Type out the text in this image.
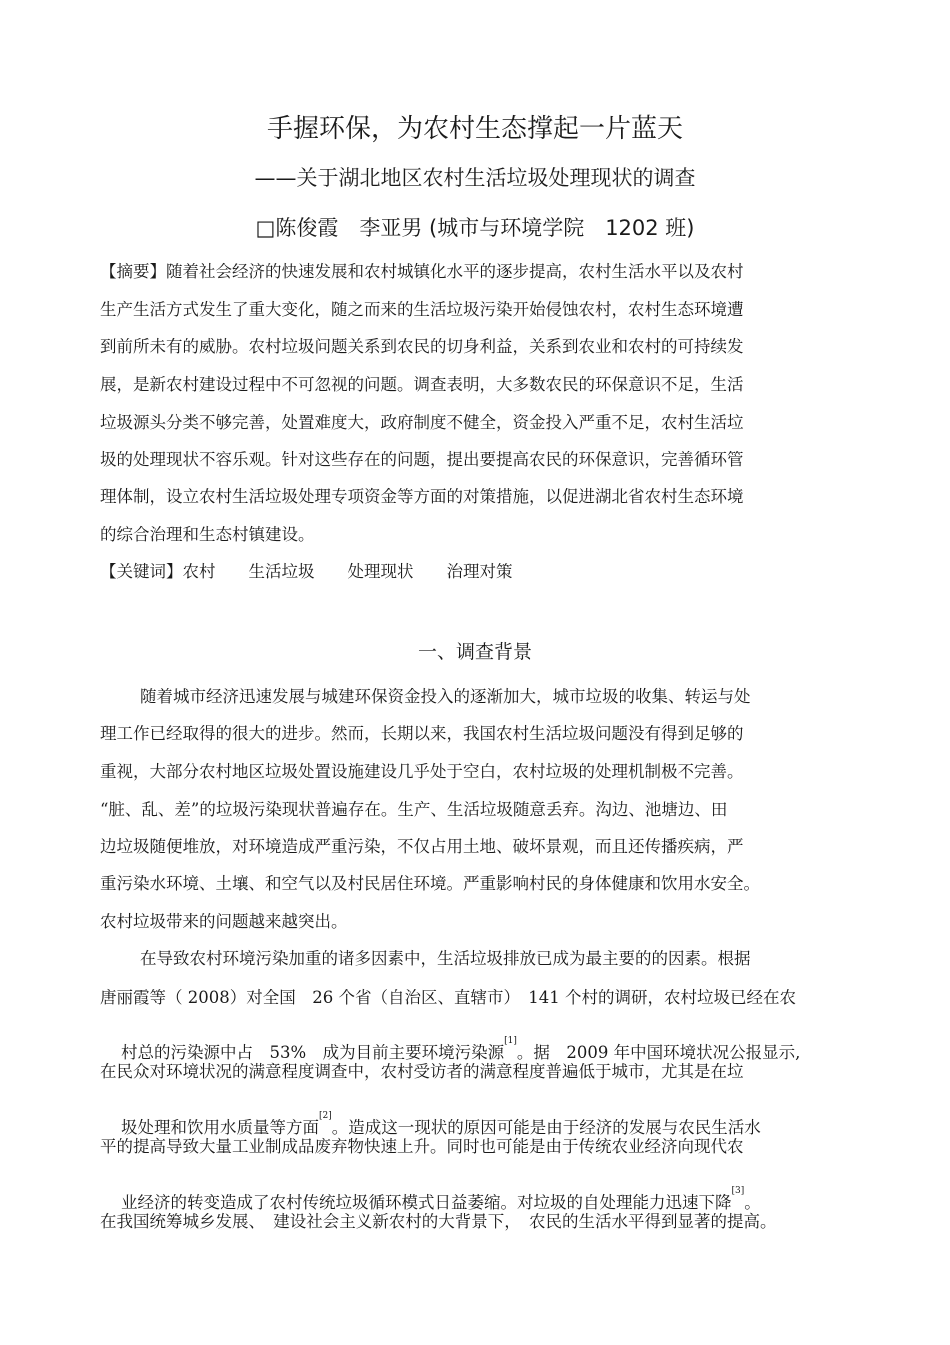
手握环保，为农村生态撑起一片蓝天
——关于湖北地区农村生活垃圾处理现状的调查
□陈俊霞　李亚男 (城市与环境学院　1202 班)
【摘要】随着社会经济的快速发展和农村城镇化水平的逐步提高，农村生活水平以及农村
生产生活方式发生了重大变化，随之而来的生活垃圾污染开始侵蚀农村，农村生态环境遭
到前所未有的威胁。农村垃圾问题关系到农民的切身利益，关系到农业和农村的可持续发
展，是新农村建设过程中不可忽视的问题。调查表明，大多数农民的环保意识不足，生活
垃圾源头分类不够完善，处置难度大，政府制度不健全，资金投入严重不足，农村生活垃
圾的处理现状不容乐观。针对这些存在的问题，提出要提高农民的环保意识，完善循环管
理体制，设立农村生活垃圾处理专项资金等方面的对策措施，以促进湖北省农村生态环境
的综合治理和生态村镇建设。
【关键词】农村　　生活垃圾　　处理现状　　治理对策
一、调查背景
随着城市经济迅速发展与城建环保资金投入的逐渐加大，城市垃圾的收集、转运与处
理工作已经取得的很大的进步。然而，长期以来，我国农村生活垃圾问题没有得到足够的
重视，大部分农村地区垃圾处置设施建设几乎处于空白，农村垃圾的处理机制极不完善。
“脏、乱、差”的垃圾污染现状普遍存在。生产、生活垃圾随意丢弃。沟边、池塘边、田
边垃圾随便堆放，对环境造成严重污染，不仅占用土地、破坏景观，而且还传播疾病，严
重污染水环境、土壤、和空气以及村民居住环境。严重影响村民的身体健康和饮用水安全。
农村垃圾带来的问题越来越突出。
在导致农村环境污染加重的诸多因素中，生活垃圾排放已成为最主要的的因素。根据
唐丽霞等（ 2008）对全国　26 个省（自治区、直辖市）　141 个村的调研，农村垃圾已经在农

村总的污染源中占　53%　成为目前主要环境污染源[1]。据　2009 年中国环境状况公报显示,

在民众对环境状况的满意程度调查中，农村受访者的满意程度普遍低于城市，尤其是在垃

圾处理和饮用水质量等方面[2]。造成这一现状的原因可能是由于经济的发展与农民生活水

平的提高导致大量工业制成品废弃物快速上升。同时也可能是由于传统农业经济向现代农

业经济的转变造成了农村传统垃圾循环模式日益萎缩。对垃圾的自处理能力迅速下降[3]。

在我国统筹城乡发展、　建设社会主义新农村的大背景下，　农民的生活水平得到显著的提高。
